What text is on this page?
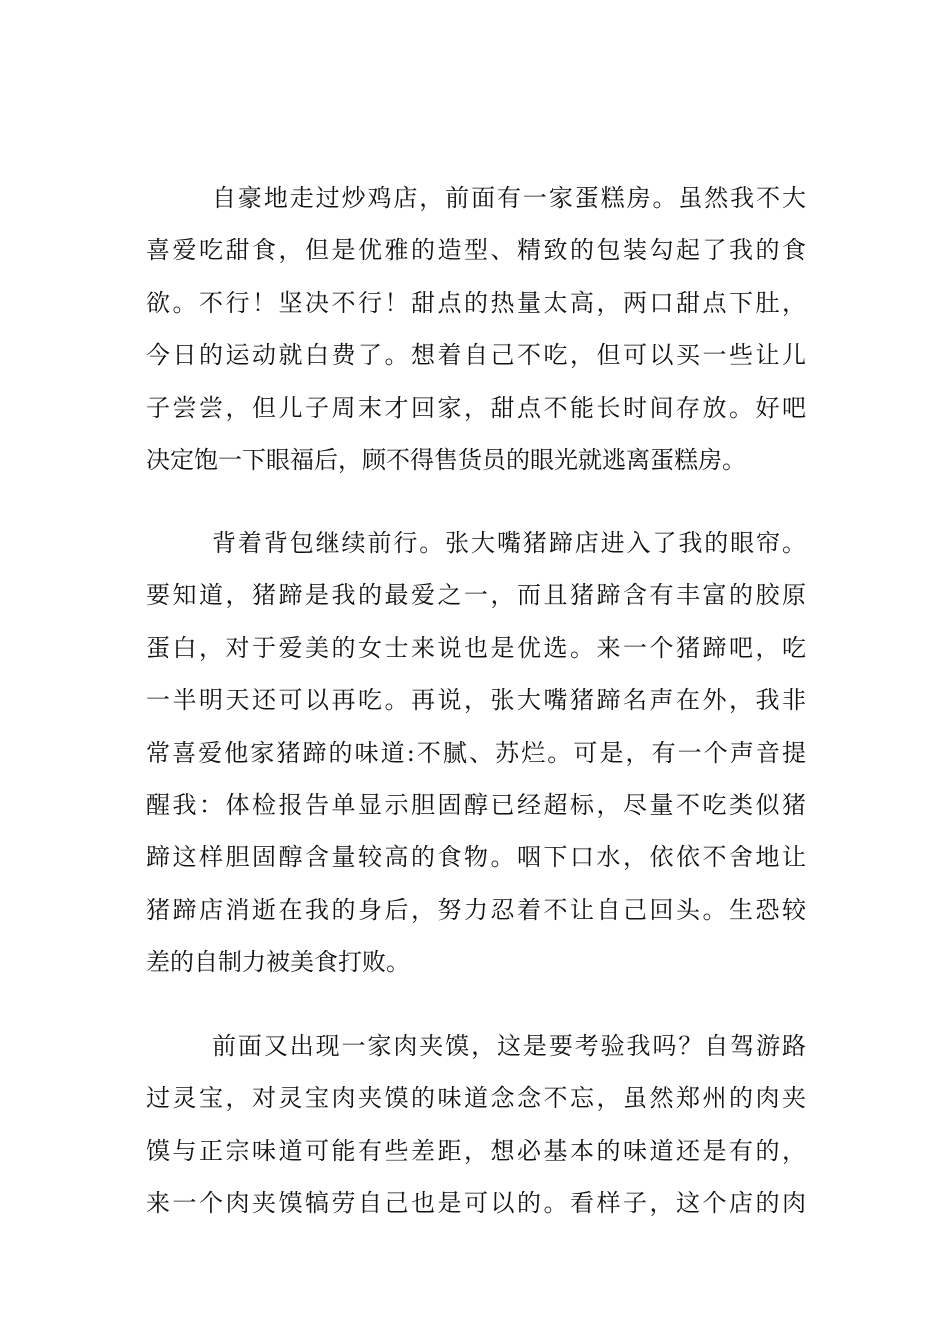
自豪地走过炒鸡店，前面有一家蛋糕房。虽然我不大
喜爱吃甜食，但是优雅的造型、精致的包装勾起了我的食
欲。不行！坚决不行！甜点的热量太高，两口甜点下肚，
今日的运动就白费了。想着自己不吃，但可以买一些让儿
子尝尝，但儿子周末才回家，甜点不能长时间存放。好吧
决定饱一下眼福后，顾不得售货员的眼光就逃离蛋糕房。
背着背包继续前行。张大嘴猪蹄店进入了我的眼帘。
要知道，猪蹄是我的最爱之一，而且猪蹄含有丰富的胶原
蛋白，对于爱美的女士来说也是优选。来一个猪蹄吧，吃
一半明天还可以再吃。再说，张大嘴猪蹄名声在外，我非
常喜爱他家猪蹄的味道:不腻、苏烂。可是，有一个声音提
醒我：体检报告单显示胆固醇已经超标，尽量不吃类似猪
蹄这样胆固醇含量较高的食物。咽下口水，依依不舍地让
猪蹄店消逝在我的身后，努力忍着不让自己回头。生恐较
差的自制力被美食打败。
前面又出现一家肉夹馍，这是要考验我吗？自驾游路
过灵宝，对灵宝肉夹馍的味道念念不忘，虽然郑州的肉夹
馍与正宗味道可能有些差距，想必基本的味道还是有的，
来一个肉夹馍犒劳自己也是可以的。看样子，这个店的肉
